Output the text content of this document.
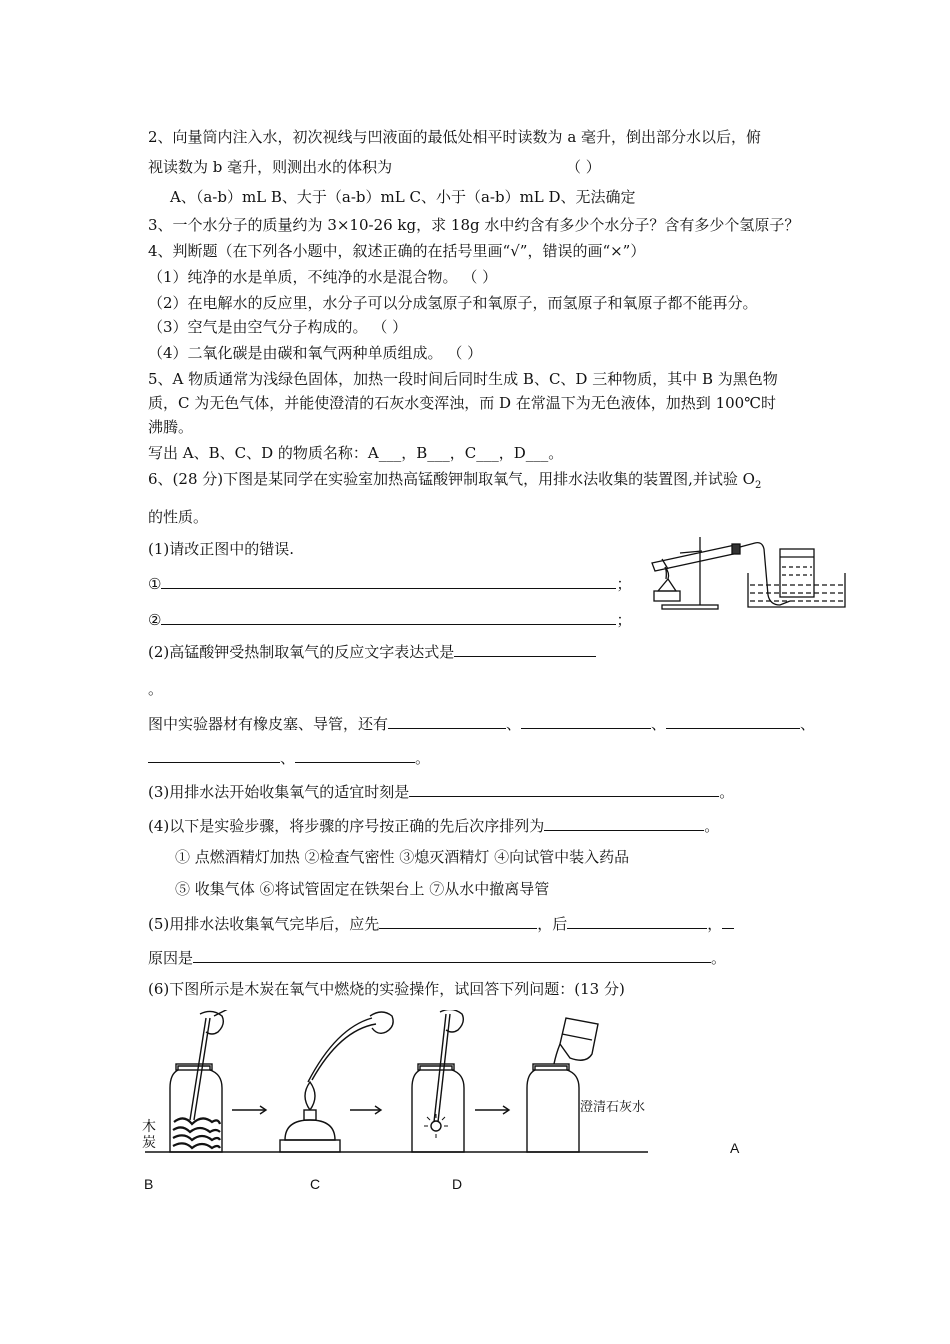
2、向量筒内注入水，初次视线与凹液面的最低处相平时读数为 a 毫升，倒出部分水以后，俯
视读数为 b 毫升，则测出水的体积为	（ ）
A、（a-b）mL B、大于（a-b）mL C、小于（a-b）mL D、无法确定
3、一个水分子的质量约为 3×10-26 kg，求 18g 水中约含有多少个水分子？含有多少个氢原子？
4、判断题（在下列各小题中，叙述正确的在括号里画“√”，错误的画“×”）
（1）纯净的水是单质，不纯净的水是混合物。 （ ）
（2）在电解水的反应里，水分子可以分成氢原子和氧原子，而氢原子和氧原子都不能再分。
（3）空气是由空气分子构成的。 （ ）
（4）二氧化碳是由碳和氧气两种单质组成。 （ ）
5、A 物质通常为浅绿色固体，加热一段时间后同时生成 B、C、D 三种物质，其中 B 为黑色物
质，C 为无色气体，并能使澄清的石灰水变浑浊，而 D 在常温下为无色液体，加热到 100℃时
沸腾。
写出 A、B、C、D 的物质名称：A___，B___，C___，D___。
6、(28 分)下图是某同学在实验室加热高锰酸钾制取氧气，用排水法收集的装置图,并试验 $O_2$
的性质。
(1)请改正图中的错误.
①	；
②	；
(2)高锰酸钾受热制取氧气的反应文字表达式是
。
图中实验器材有橡皮塞、导管，还有	、	、	、
、	。
(3)用排水法开始收集氧气的适宜时刻是	。
(4)以下是实验步骤，将步骤的序号按正确的先后次序排列为	。
① 点燃酒精灯加热 ②检查气密性 ③熄灭酒精灯 ④向试管中装入药品
⑤ 收集气体 ⑥将试管固定在铁架台上 ⑦从水中撤离导管
(5)用排水法收集氧气完毕后，应先	，后	，
原因是	。
(6)下图所示是木炭在氧气中燃烧的实验操作，试回答下列问题：(13 分)
木
炭
澄清石灰水
A
B	C	D
